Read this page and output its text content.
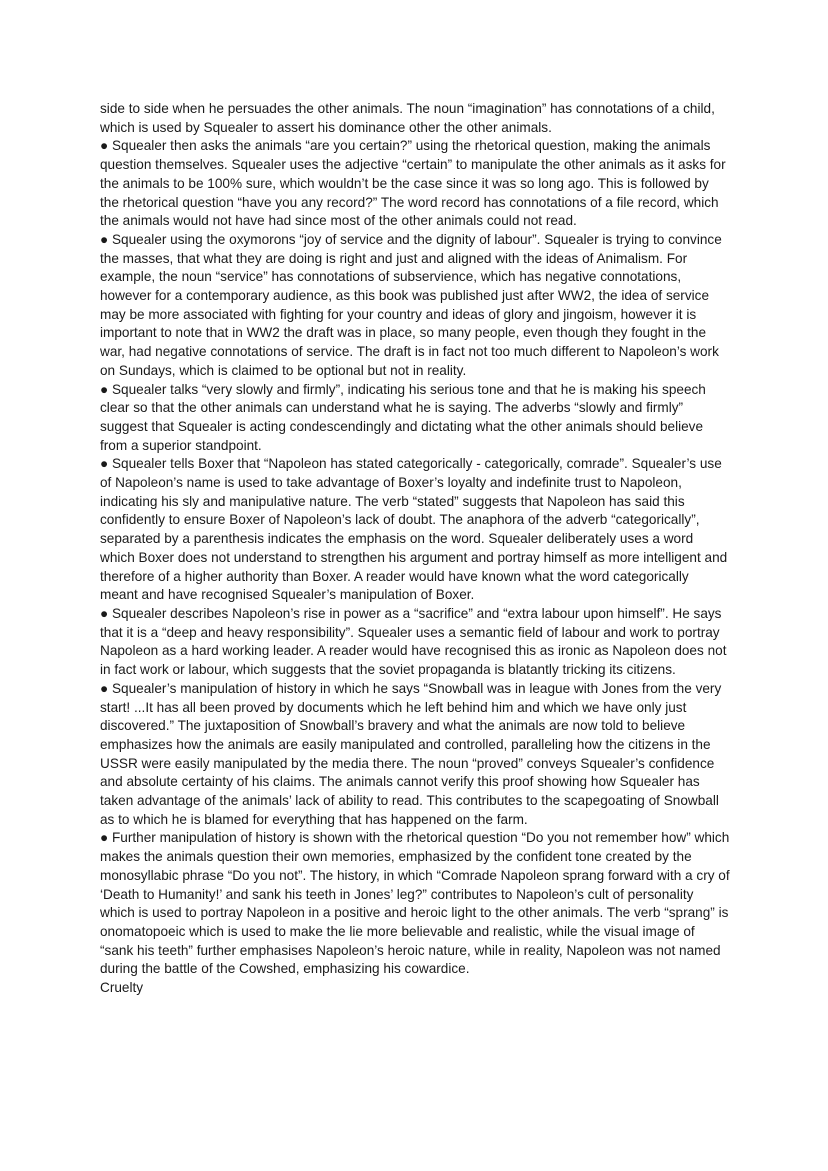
side to side when he persuades the other animals. The noun “imagination” has connotations of a child, which is used by Squealer to assert his dominance other the other animals.

● Squealer then asks the animals “are you certain?” using the rhetorical question, making the animals question themselves. Squealer uses the adjective “certain” to manipulate the other animals as it asks for the animals to be 100% sure, which wouldn’t be the case since it was so long ago. This is followed by the rhetorical question “have you any record?” The word record has connotations of a file record, which the animals would not have had since most of the other animals could not read.

● Squealer using the oxymorons “joy of service and the dignity of labour”. Squealer is trying to convince the masses, that what they are doing is right and just and aligned with the ideas of Animalism. For example, the noun “service” has connotations of subservience, which has negative connotations, however for a contemporary audience, as this book was published just after WW2, the idea of service may be more associated with fighting for your country and ideas of glory and jingoism, however it is important to note that in WW2 the draft was in place, so many people, even though they fought in the war, had negative connotations of service. The draft is in fact not too much different to Napoleon’s work on Sundays, which is claimed to be optional but not in reality.

● Squealer talks “very slowly and firmly”, indicating his serious tone and that he is making his speech clear so that the other animals can understand what he is saying. The adverbs “slowly and firmly” suggest that Squealer is acting condescendingly and dictating what the other animals should believe from a superior standpoint.

● Squealer tells Boxer that “Napoleon has stated categorically - categorically, comrade”. Squealer’s use of Napoleon’s name is used to take advantage of Boxer’s loyalty and indefinite trust to Napoleon, indicating his sly and manipulative nature. The verb “stated” suggests that Napoleon has said this confidently to ensure Boxer of Napoleon’s lack of doubt. The anaphora of the adverb “categorically”, separated by a parenthesis indicates the emphasis on the word. Squealer deliberately uses a word which Boxer does not understand to strengthen his argument and portray himself as more intelligent and therefore of a higher authority than Boxer. A reader would have known what the word categorically meant and have recognised Squealer’s manipulation of Boxer.

● Squealer describes Napoleon’s rise in power as a “sacrifice” and “extra labour upon himself”. He says that it is a “deep and heavy responsibility”. Squealer uses a semantic field of labour and work to portray Napoleon as a hard working leader. A reader would have recognised this as ironic as Napoleon does not in fact work or labour, which suggests that the soviet propaganda is blatantly tricking its citizens.

● Squealer’s manipulation of history in which he says “Snowball was in league with Jones from the very start! ...It has all been proved by documents which he left behind him and which we have only just discovered.” The juxtaposition of Snowball’s bravery and what the animals are now told to believe emphasizes how the animals are easily manipulated and controlled, paralleling how the citizens in the USSR were easily manipulated by the media there. The noun “proved” conveys Squealer’s confidence and absolute certainty of his claims. The animals cannot verify this proof showing how Squealer has taken advantage of the animals’ lack of ability to read. This contributes to the scapegoating of Snowball as to which he is blamed for everything that has happened on the farm.

● Further manipulation of history is shown with the rhetorical question “Do you not remember how” which makes the animals question their own memories, emphasized by the confident tone created by the monosyllabic phrase “Do you not”. The history, in which “Comrade Napoleon sprang forward with a cry of ‘Death to Humanity!’ and sank his teeth in Jones’ leg?” contributes to Napoleon’s cult of personality which is used to portray Napoleon in a positive and heroic light to the other animals. The verb “sprang” is onomatopoeic which is used to make the lie more believable and realistic, while the visual image of “sank his teeth” further emphasises Napoleon’s heroic nature, while in reality, Napoleon was not named during the battle of the Cowshed, emphasizing his cowardice.

Cruelty
